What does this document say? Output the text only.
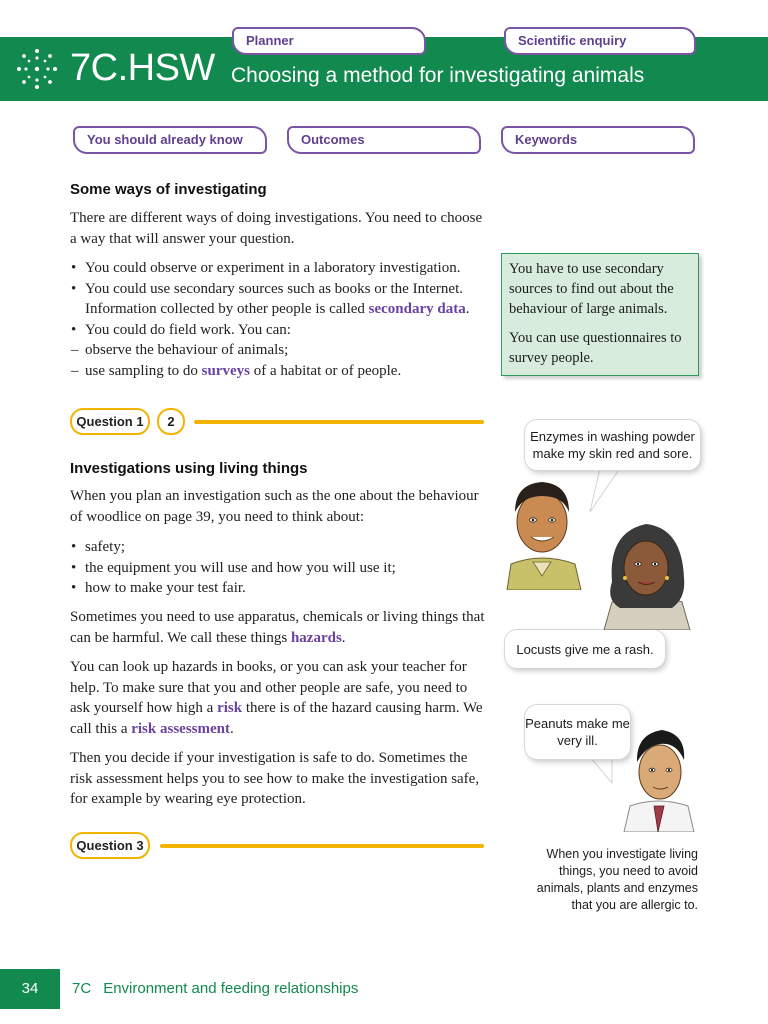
7C.HSW Choosing a method for investigating animals
Planner	Scientific enquiry
You should already know	Outcomes	Keywords
Some ways of investigating

There are different ways of doing investigations. You need to choose a way that will answer your question.

• You could observe or experiment in a laboratory investigation.
• You could use secondary sources such as books or the Internet. Information collected by other people is called secondary data.
• You could do field work. You can:
– observe the behaviour of animals;
– use sampling to do surveys of a habitat or of people.
Question 1	2
Investigations using living things

When you plan an investigation such as the one about the behaviour of woodlice on page 39, you need to think about:

• safety;
• the equipment you will use and how you will use it;
• how to make your test fair.

Sometimes you need to use apparatus, chemicals or living things that can be harmful. We call these things hazards.

You can look up hazards in books, or you can ask your teacher for help. To make sure that you and other people are safe, you need to ask yourself how high a risk there is of the hazard causing harm. We call this a risk assessment.

Then you decide if your investigation is safe to do. Sometimes the risk assessment helps you to see how to make the investigation safe, for example by wearing eye protection.

Question 3

You have to use secondary sources to find out about the behaviour of large animals.

You can use questionnaires to survey people.

Enzymes in washing powder make my skin red and sore.
Locusts give me a rash.
Peanuts make me very ill.
When you investigate living things, you need to avoid animals, plants and enzymes that you are allergic to.
34	7C Environment and feeding relationships
